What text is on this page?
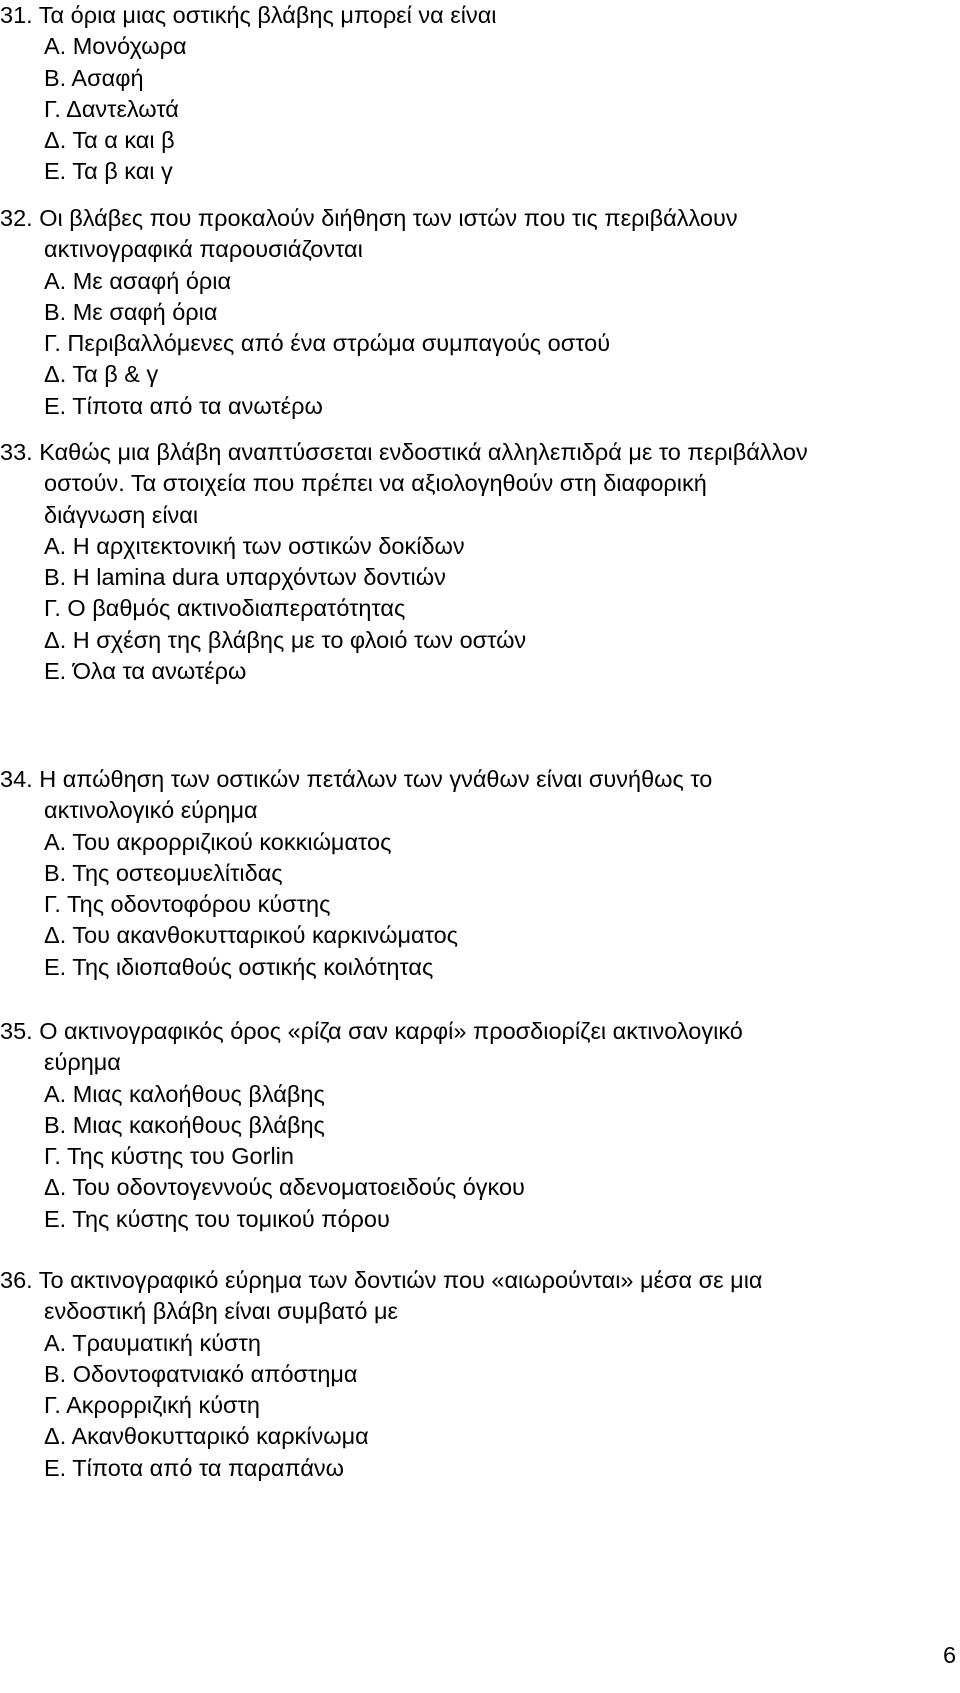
31. Τα όρια μιας οστικής βλάβης μπορεί να είναι
Α. Μονόχωρα
Β. Ασαφή
Γ. Δαντελωτά
Δ. Τα α και β
Ε. Τα β και γ
32. Οι βλάβες που προκαλούν διήθηση των ιστών που τις περιβάλλουν
ακτινογραφικά παρουσιάζονται
Α. Με ασαφή όρια
Β. Με σαφή όρια
Γ. Περιβαλλόμενες από ένα στρώμα συμπαγούς οστού
Δ. Τα β & γ
Ε. Τίποτα από τα ανωτέρω
33. Καθώς μια βλάβη αναπτύσσεται ενδοστικά αλληλεπιδρά με το περιβάλλον
οστούν. Τα στοιχεία που πρέπει να αξιολογηθούν στη διαφορική
διάγνωση είναι
Α. Η αρχιτεκτονική των οστικών δοκίδων
Β. Η lamina dura υπαρχόντων δοντιών
Γ. Ο βαθμός ακτινοδιαπερατότητας
Δ. Η σχέση της βλάβης με το φλοιό των οστών
Ε. Όλα τα ανωτέρω
34. Η απώθηση των οστικών πετάλων των γνάθων είναι συνήθως το
ακτινολογικό εύρημα
Α. Του ακρορριζικού κοκκιώματος
Β. Της οστεομυελίτιδας
Γ. Της οδοντοφόρου κύστης
Δ. Του ακανθοκυτταρικού καρκινώματος
Ε. Της ιδιοπαθούς οστικής κοιλότητας
35. Ο ακτινογραφικός όρος «ρίζα σαν καρφί» προσδιορίζει ακτινολογικό
εύρημα
Α. Μιας καλοήθους βλάβης
Β. Μιας κακοήθους βλάβης
Γ. Της κύστης του Gorlin
Δ. Του οδοντογεννούς αδενοματοειδούς όγκου
Ε. Της κύστης του τομικού πόρου
36. Το ακτινογραφικό εύρημα των δοντιών που «αιωρούνται» μέσα σε μια
ενδοστική βλάβη είναι συμβατό με
Α. Τραυματική κύστη
Β. Οδοντοφατνιακό απόστημα
Γ. Ακρορριζική κύστη
Δ. Ακανθοκυτταρικό καρκίνωμα
Ε. Τίποτα από τα παραπάνω
6
